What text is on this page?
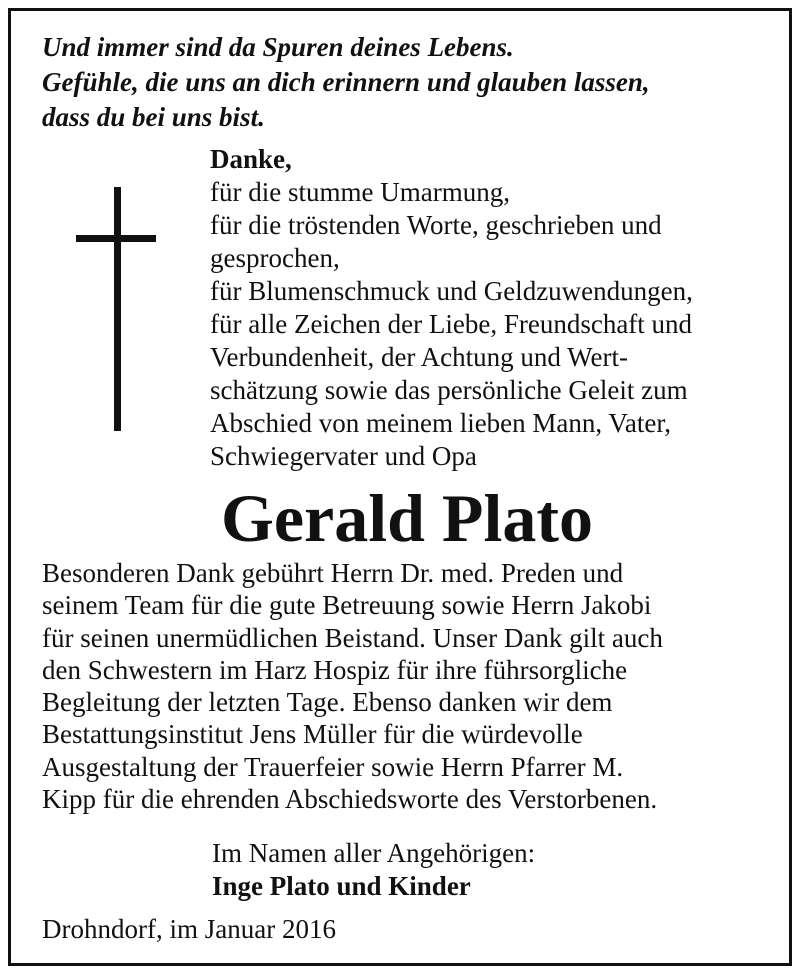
Und immer sind da Spuren deines Lebens.
Gefühle, die uns an dich erinnern und glauben lassen,
dass du bei uns bist.
Danke,
für die stumme Umarmung,
für die tröstenden Worte, geschrieben und
gesprochen,
für Blumenschmuck und Geldzuwendungen,
für alle Zeichen der Liebe, Freundschaft und
Verbundenheit, der Achtung und Wert-
schätzung sowie das persönliche Geleit zum
Abschied von meinem lieben Mann, Vater,
Schwiegervater und Opa
Gerald Plato
Besonderen Dank gebührt Herrn Dr. med. Preden und
seinem Team für die gute Betreuung sowie Herrn Jakobi
für seinen unermüdlichen Beistand. Unser Dank gilt auch
den Schwestern im Harz Hospiz für ihre führsorgliche
Begleitung der letzten Tage. Ebenso danken wir dem
Bestattungsinstitut Jens Müller für die würdevolle
Ausgestaltung der Trauerfeier sowie Herrn Pfarrer M.
Kipp für die ehrenden Abschiedsworte des Verstorbenen.
Im Namen aller Angehörigen:
Inge Plato und Kinder
Drohndorf, im Januar 2016
